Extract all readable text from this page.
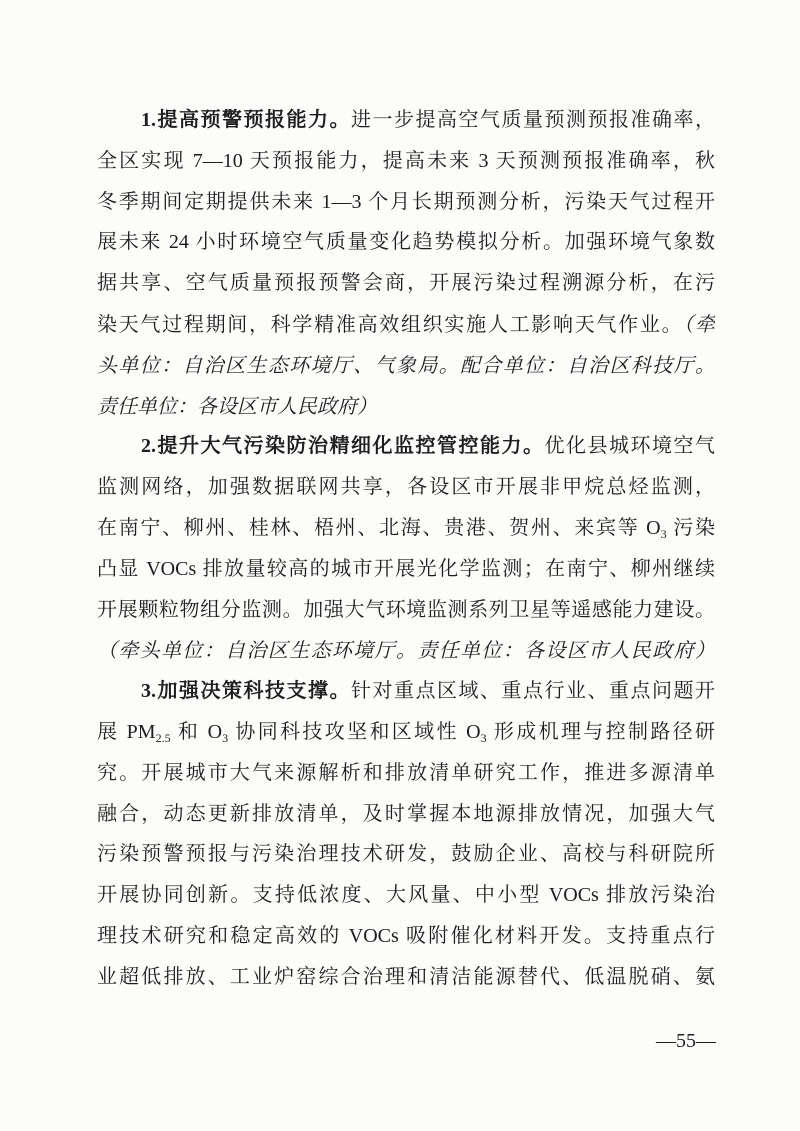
1.提高预警预报能力。进一步提高空气质量预测预报准确率，
全区实现 7—10 天预报能力，提高未来 3 天预测预报准确率，秋
冬季期间定期提供未来 1—3 个月长期预测分析，污染天气过程开
展未来 24 小时环境空气质量变化趋势模拟分析。加强环境气象数
据共享、空气质量预报预警会商，开展污染过程溯源分析，在污
染天气过程期间，科学精准高效组织实施人工影响天气作业。（牵
头单位：自治区生态环境厅、气象局。配合单位：自治区科技厅。
责任单位：各设区市人民政府）
2.提升大气污染防治精细化监控管控能力。优化县城环境空气
监测网络，加强数据联网共享，各设区市开展非甲烷总烃监测，
在南宁、柳州、桂林、梧州、北海、贵港、贺州、来宾等 $O_3$ 污染
凸显 VOCs 排放量较高的城市开展光化学监测；在南宁、柳州继续
开展颗粒物组分监测。加强大气环境监测系列卫星等遥感能力建设。
（牵头单位：自治区生态环境厅。责任单位：各设区市人民政府）
3.加强决策科技支撑。针对重点区域、重点行业、重点问题开
展 $PM_{2.5}$ 和 $O_3$ 协同科技攻坚和区域性 $O_3$ 形成机理与控制路径研
究。开展城市大气来源解析和排放清单研究工作，推进多源清单
融合，动态更新排放清单，及时掌握本地源排放情况，加强大气
污染预警预报与污染治理技术研发，鼓励企业、高校与科研院所
开展协同创新。支持低浓度、大风量、中小型 VOCs 排放污染治
理技术研究和稳定高效的 VOCs 吸附催化材料开发。支持重点行
业超低排放、工业炉窑综合治理和清洁能源替代、低温脱硝、氨
—55—
